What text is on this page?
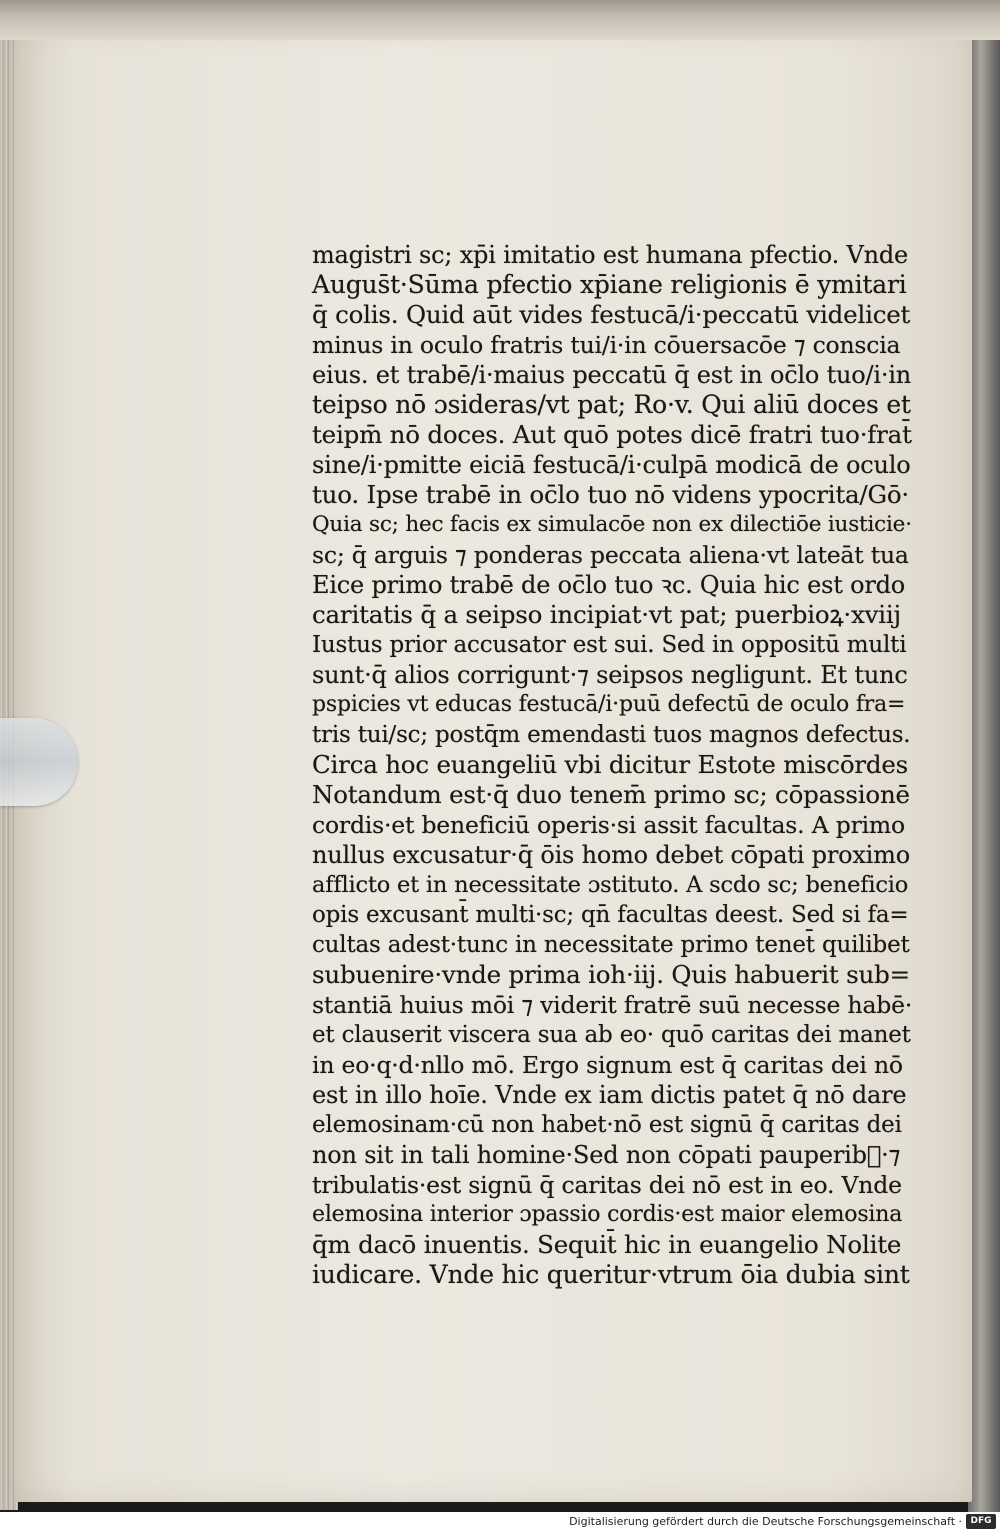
magistri sc; xp̄i imitatio est humana pfectio. Vnde
Augus̄t·Sūma pfectio xp̄iane religionis ē ymitari
q̄ colis. Quid aūt vides festucā/i·peccatū videlicet
minus in oculo fratris tui/i·in cōuersacōe ⁊ conscia
eius. et trabē/i·maius peccatū q̄ est in oc̄lo tuo/i·in
teipso nō ɔsideras/vt pat; Ro·v. Qui aliū doces et
teipm̄ nō doces. Aut quō potes dicē fratri tuo·frat̄
sine/i·pmitte eiciā festucā/i·culpā modicā de oculo
tuo. Ipse trabē in oc̄lo tuo nō videns ypocrita/Gō·
Quia sc; hec facis ex simulacōe non ex dilectiōe iusticie·
sc; q̄ arguis ⁊ ponderas peccata aliena·vt lateāt tua
Eice primo trabē de oc̄lo tuo ꝛc. Quia hic est ordo
caritatis q̄ a seipso incipiat·vt pat; puerbioꝝ·xviij
Iustus prior accusator est sui. Sed in oppositū multi
sunt·q̄ alios corrigunt·⁊ seipsos negligunt. Et tunc
pspicies vt educas festucā/i·puū defectū de oculo fra=
tris tui/sc; postq̄m emendasti tuos magnos defectus.
Circa hoc euangeliū vbi dicitur Estote miscōrdes
Notandum est·q̄ duo tenem̄ primo sc; cōpassionē
cordis·et beneficiū operis·si assit facultas. A primo
nullus excusatur·q̄ ōis homo debet cōpati proximo
afflicto et in necessitate ɔstituto. A scdo sc; beneficio
opis excusant̄ multi·sc; qn̄ facultas deest. Sed si fa=
cultas adest·tunc in necessitate primo tenet̄ quilibet
subuenire·vnde prima ioh·iij. Qui̇s habuerit sub=
stantiā huius mōi ⁊ viderit fratrē suū necesse habē·
et clauserit viscera sua ab eo· quō caritas dei manet
in eo·q·d·nllo mō. Ergo signum est q̄ caritas dei nō
est in illo hoīe. Vnde ex iam dictis patet q̄ nō dare
elemosinam·cū non habet·nō est signū q̄ caritas dei
non sit in tali homine·Sed non cōpati pauperib᷒·⁊
tribulatis·est signū q̄ caritas dei nō est in eo. Vnde
elemosina interior ɔpassio cordis·est maior elemosina
q̄m dacō inuentis. Sequit̄ hic in euangelio Nolite
iudicare. Vnde hic queritur·vtrum ōia dubia sint
Digitalisierung gefördert durch die Deutsche Forschungsgemeinschaft · DFG
